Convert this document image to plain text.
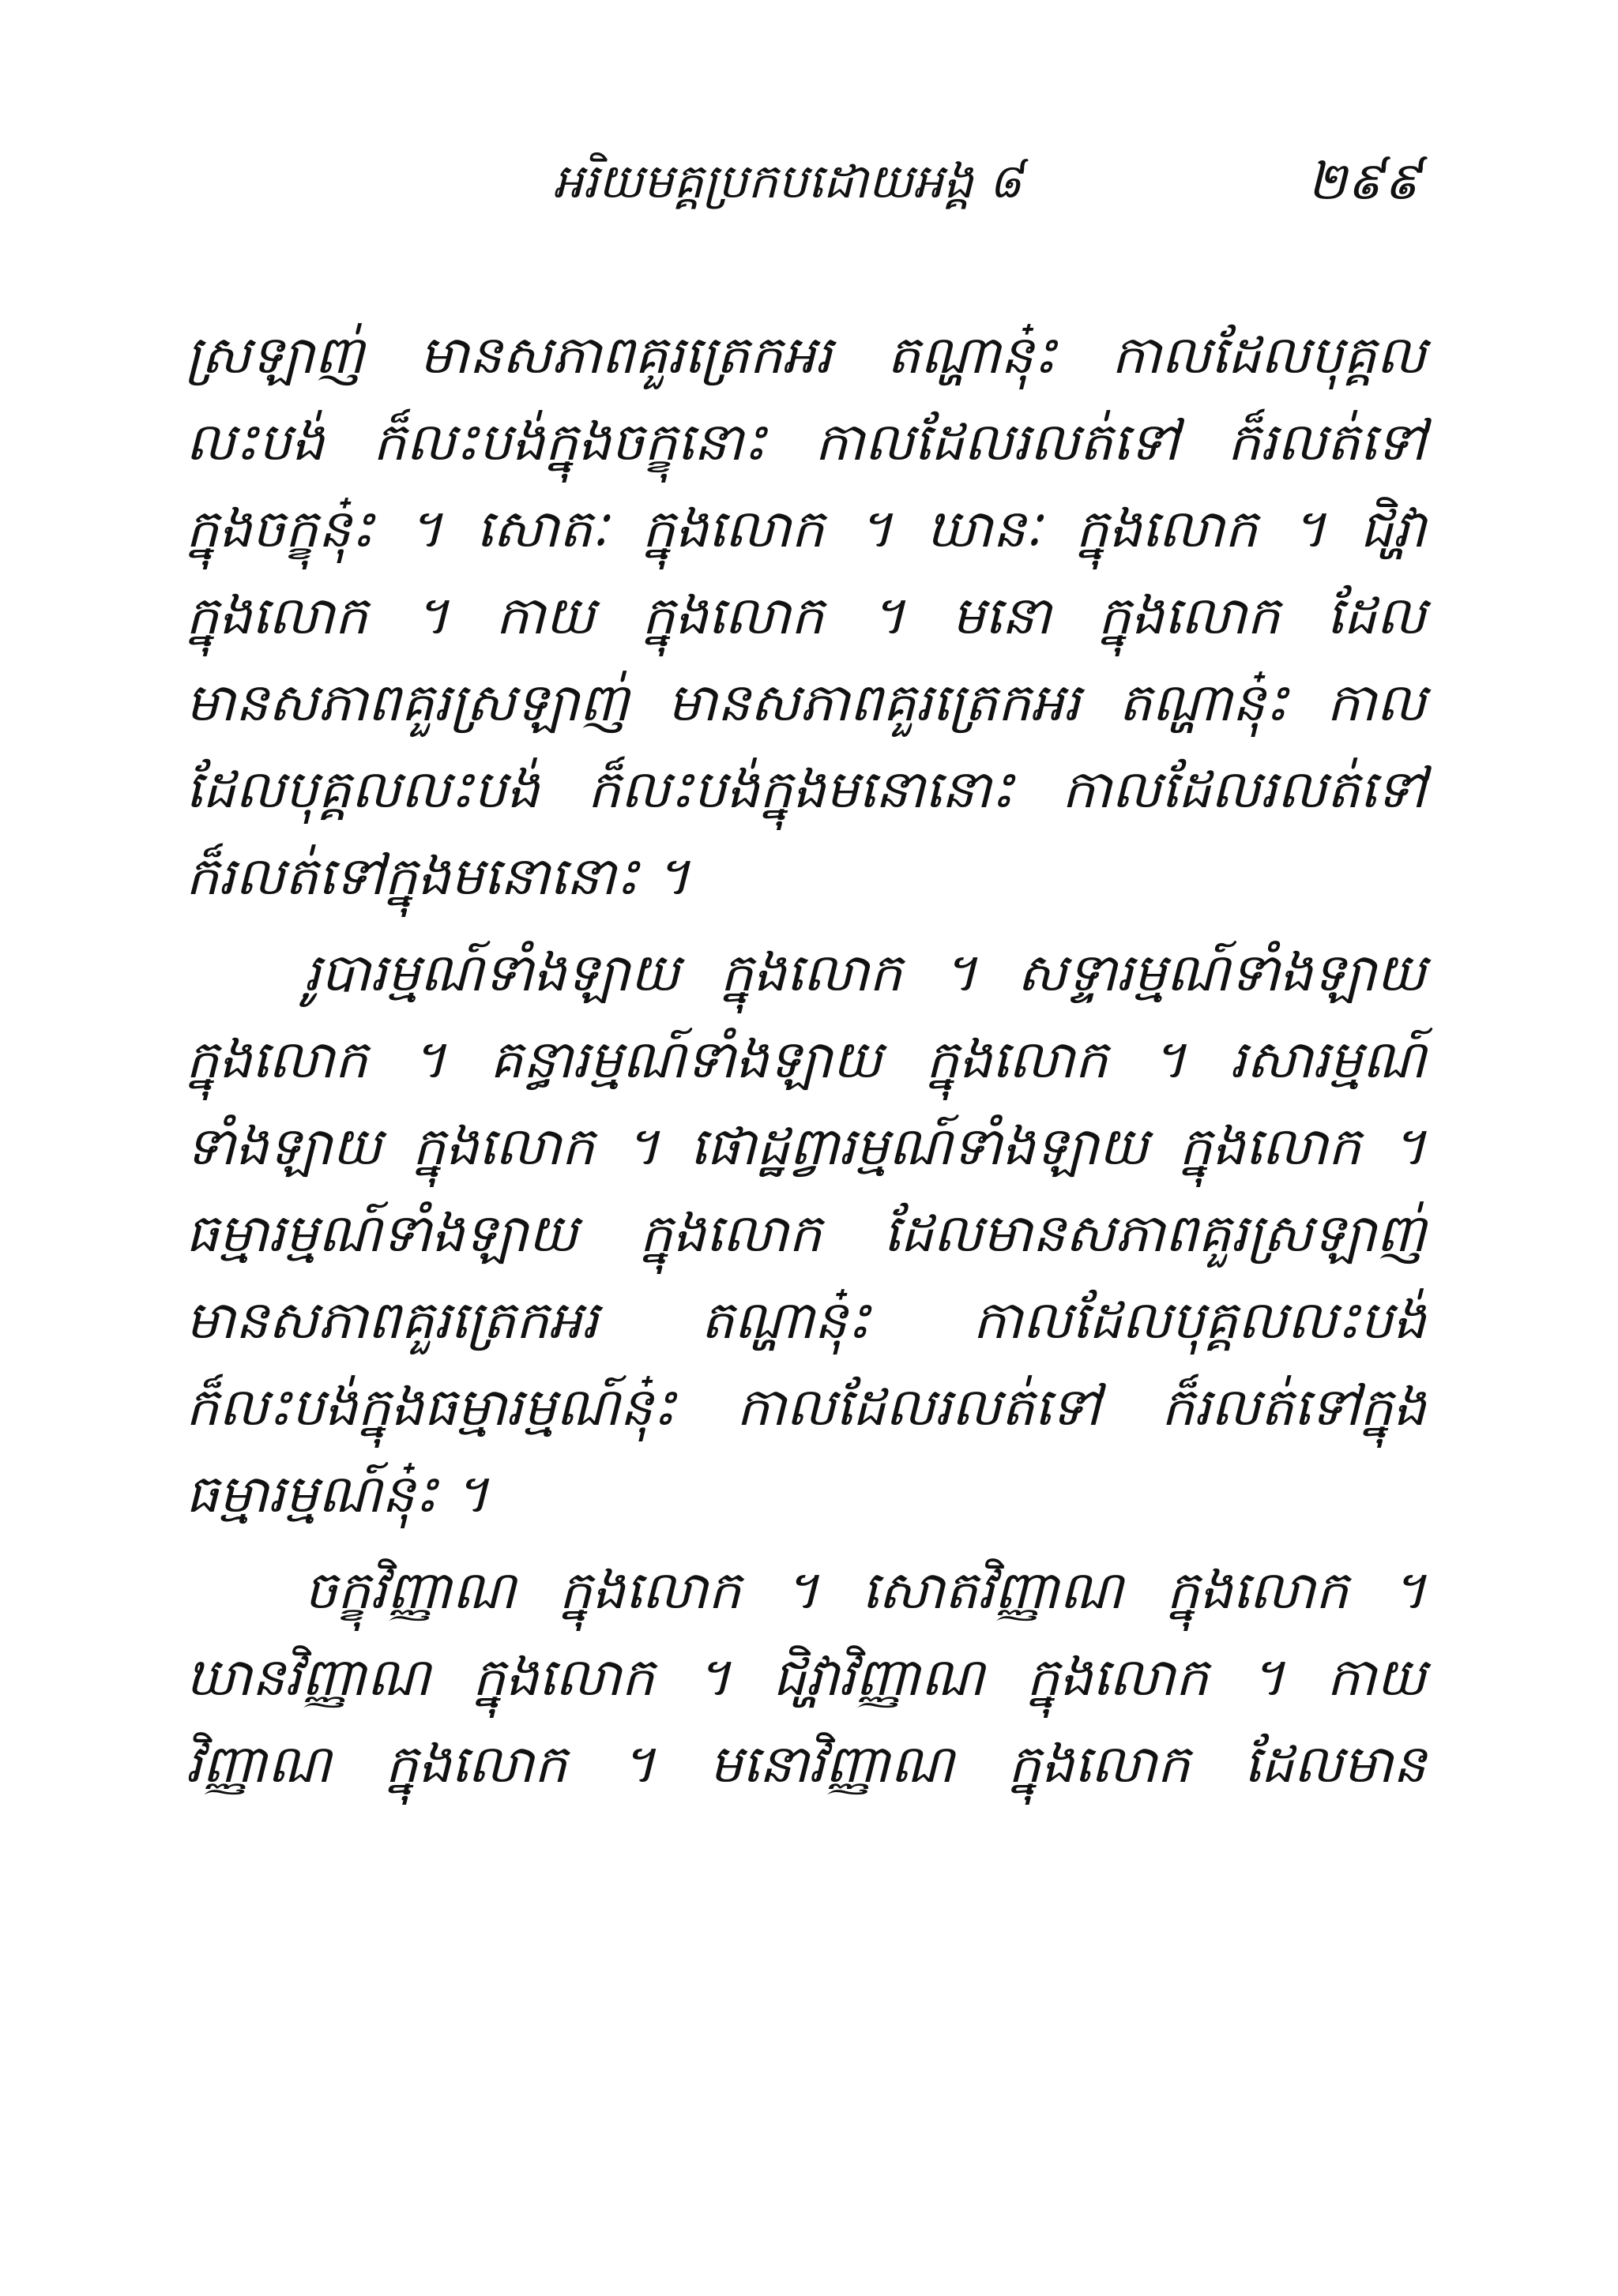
អរិយមគ្គប្រកបដោយអង្គ ៨	២៩៩
ស្រឡាញ់ មានសភាពគួរត្រេកអរ តណ្ហានុ៎ះ កាលដែលបុគ្គល
លះបង់ ក៏លះបង់ក្នុងចក្ខុនោះ កាលដែលរលត់ទៅ ក៏រលត់ទៅ
ក្នុងចក្ខុនុ៎ះ ។ សោតៈ ក្នុងលោក ។ ឃានៈ ក្នុងលោក ។ ជិវ្ហា
ក្នុងលោក ។ កាយ ក្នុងលោក ។ មនោ ក្នុងលោក ដែល
មានសភាពគួរស្រឡាញ់ មានសភាពគួរត្រេកអរ តណ្ហានុ៎ះ កាល
ដែលបុគ្គលលះបង់ ក៏លះបង់ក្នុងមនោនោះ កាលដែលរលត់ទៅ
ក៏រលត់ទៅក្នុងមនោនោះ ។
រូបារម្មណ៍ទាំងឡាយ ក្នុងលោក ។ សទ្ទារម្មណ៍ទាំងឡាយ
ក្នុងលោក ។ គន្ធារម្មណ៍ទាំងឡាយ ក្នុងលោក ។ រសារម្មណ៍
ទាំងឡាយ ក្នុងលោក ។ ផោដ្ឋព្វារម្មណ៍ទាំងឡាយ ក្នុងលោក ។
ធម្មារម្មណ៍ទាំងឡាយ ក្នុងលោក ដែលមានសភាពគួរស្រឡាញ់
មានសភាពគួរត្រេកអរ តណ្ហានុ៎ះ កាលដែលបុគ្គលលះបង់
ក៏លះបង់ក្នុងធម្មារម្មណ៍នុ៎ះ កាលដែលរលត់ទៅ ក៏រលត់ទៅក្នុង
ធម្មារម្មណ៍នុ៎ះ ។
ចក្ខុវិញ្ញាណ ក្នុងលោក ។ សោតវិញ្ញាណ ក្នុងលោក ។
ឃានវិញ្ញាណ ក្នុងលោក ។ ជិវ្ហាវិញ្ញាណ ក្នុងលោក ។ កាយ
វិញ្ញាណ ក្នុងលោក ។ មនោវិញ្ញាណ ក្នុងលោក ដែលមាន
